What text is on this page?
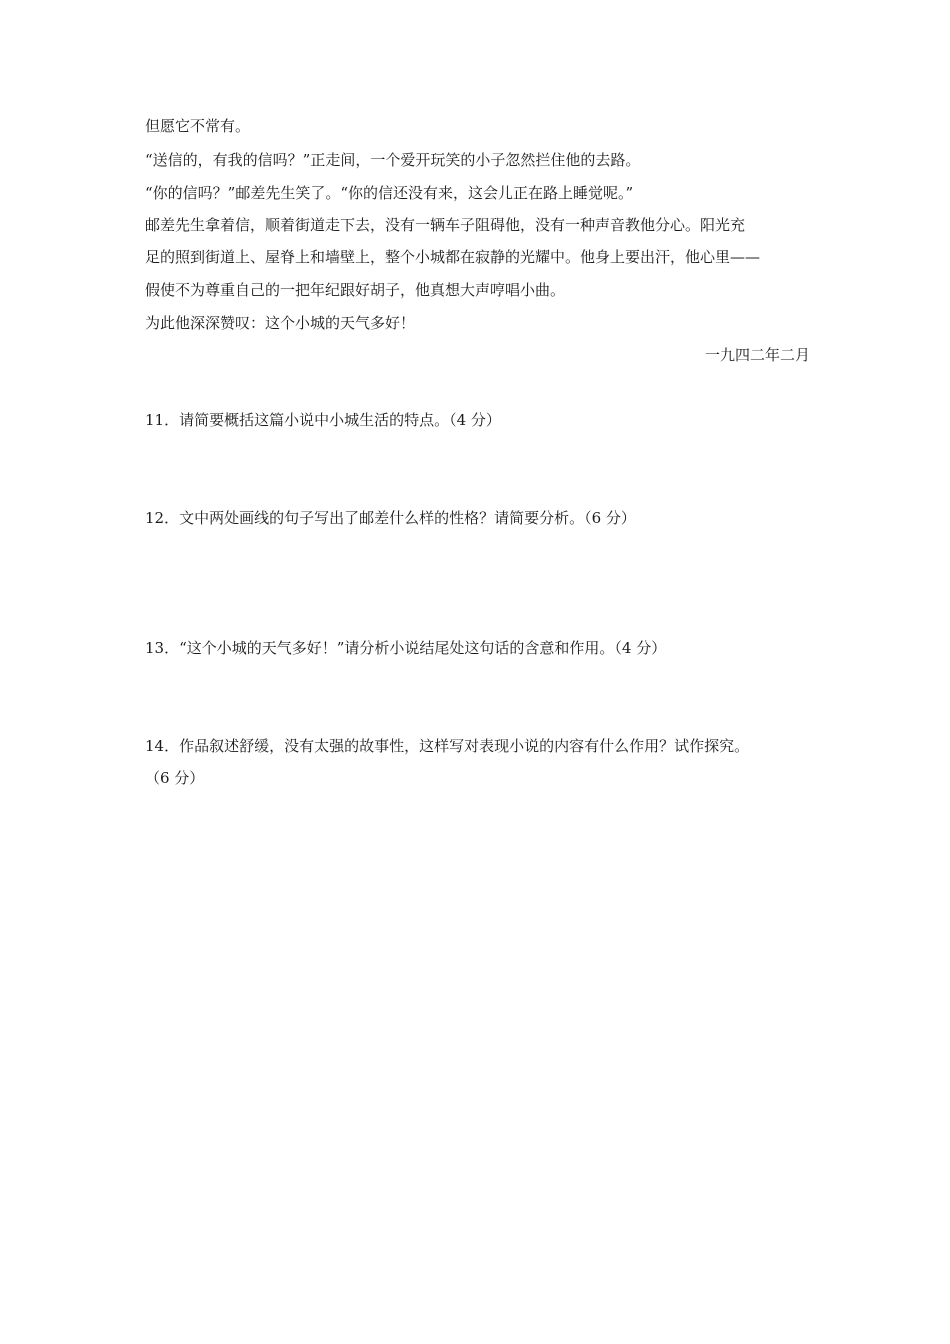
但愿它不常有。
“送信的，有我的信吗？”正走间，一个爱开玩笑的小子忽然拦住他的去路。
“你的信吗？”邮差先生笑了。“你的信还没有来，这会儿正在路上睡觉呢。”
邮差先生拿着信，顺着街道走下去，没有一辆车子阻碍他，没有一种声音教他分心。阳光充
足的照到街道上、屋脊上和墙壁上，整个小城都在寂静的光耀中。他身上要出汗，他心里——
假使不为尊重自己的一把年纪跟好胡子，他真想大声哼唱小曲。
为此他深深赞叹：这个小城的天气多好！
一九四二年二月
11．请简要概括这篇小说中小城生活的特点。（4 分）
12．文中两处画线的句子写出了邮差什么样的性格？请简要分析。（6 分）
13．“这个小城的天气多好！”请分析小说结尾处这句话的含意和作用。（4 分）
14．作品叙述舒缓，没有太强的故事性，这样写对表现小说的内容有什么作用？试作探究。
（6 分）
